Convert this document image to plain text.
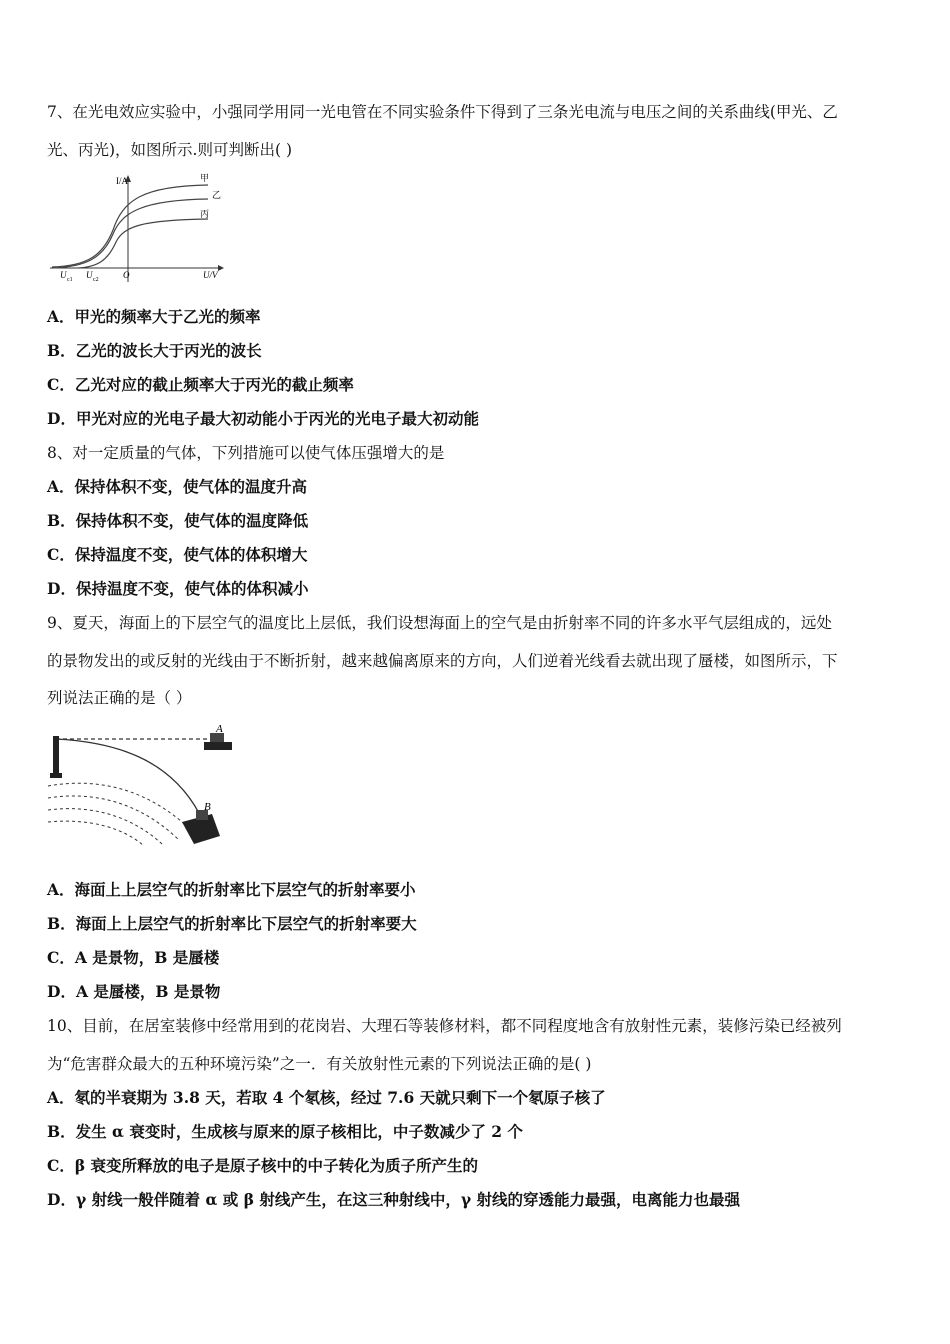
7、在光电效应实验中，小强同学用同一光电管在不同实验条件下得到了三条光电流与电压之间的关系曲线(甲光、乙
光、丙光)，如图所示.则可判断出( )
I/A
U/V
O
U c1 U c2
甲
乙
丙
A．甲光的频率大于乙光的频率
B．乙光的波长大于丙光的波长
C．乙光对应的截止频率大于丙光的截止频率
D．甲光对应的光电子最大初动能小于丙光的光电子最大初动能
8、对一定质量的气体，下列措施可以使气体压强增大的是
A．保持体积不变，使气体的温度升高
B．保持体积不变，使气体的温度降低
C．保持温度不变，使气体的体积增大
D．保持温度不变，使气体的体积减小
9、夏天，海面上的下层空气的温度比上层低，我们设想海面上的空气是由折射率不同的许多水平气层组成的，远处
的景物发出的或反射的光线由于不断折射，越来越偏离原来的方向，人们逆着光线看去就出现了蜃楼，如图所示，下
列说法正确的是（ ）
A
B
A．海面上上层空气的折射率比下层空气的折射率要小
B．海面上上层空气的折射率比下层空气的折射率要大
C．A 是景物，B 是蜃楼
D．A 是蜃楼，B 是景物
10、目前，在居室装修中经常用到的花岗岩、大理石等装修材料，都不同程度地含有放射性元素，装修污染已经被列
为“危害群众最大的五种环境污染”之一．有关放射性元素的下列说法正确的是( )
A．氡的半衰期为 3.8 天，若取 4 个氡核，经过 7.6 天就只剩下一个氡原子核了
B．发生 α 衰变时，生成核与原来的原子核相比，中子数减少了 2 个
C．β 衰变所释放的电子是原子核中的中子转化为质子所产生的
D．γ 射线一般伴随着 α 或 β 射线产生，在这三种射线中，γ 射线的穿透能力最强，电离能力也最强
